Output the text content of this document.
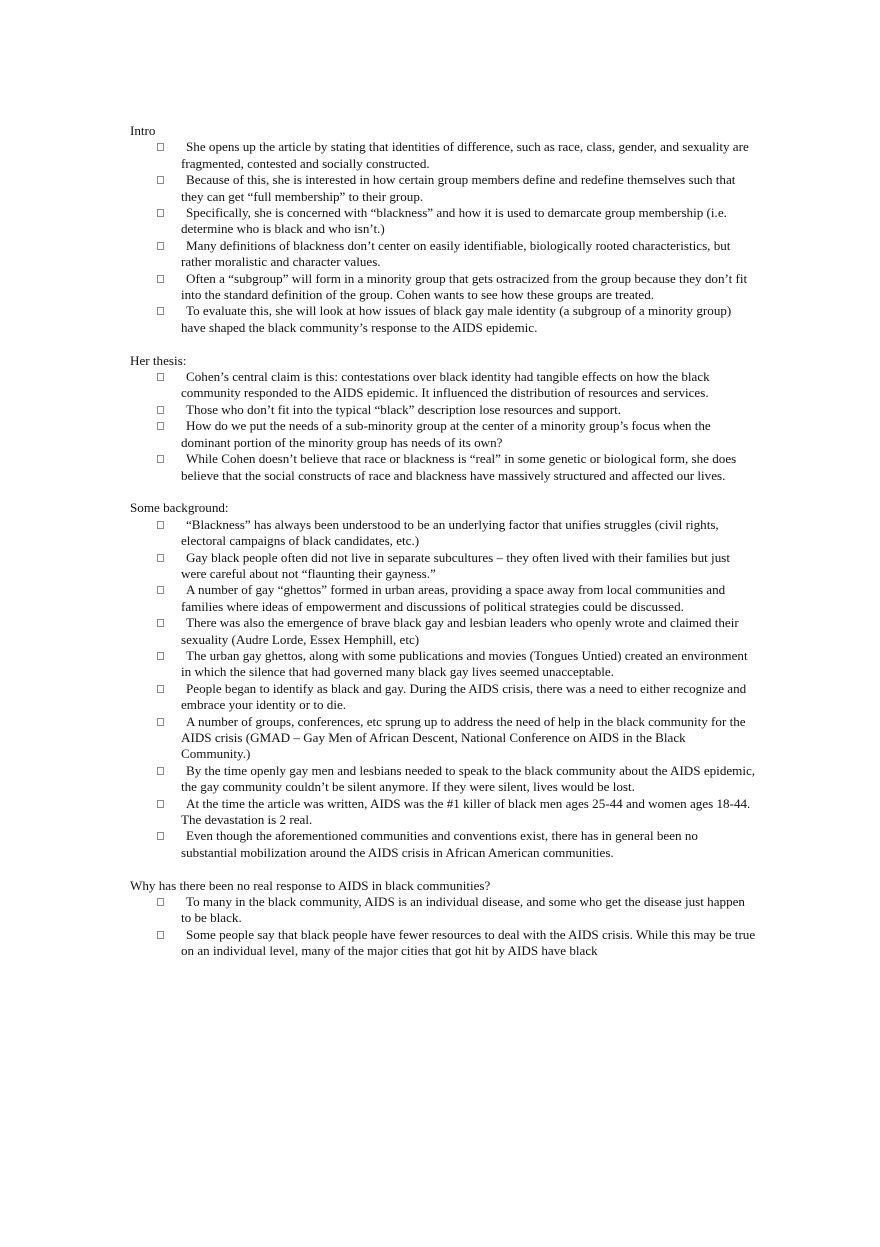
Intro
She opens up the article by stating that identities of difference, such as race, class, gender, and sexuality are fragmented, contested and socially constructed.
Because of this, she is interested in how certain group members define and redefine themselves such that they can get “full membership” to their group.
Specifically, she is concerned with “blackness” and how it is used to demarcate group membership (i.e. determine who is black and who isn’t.)
Many definitions of blackness don’t center on easily identifiable, biologically rooted characteristics, but rather moralistic and character values.
Often a “subgroup” will form in a minority group that gets ostracized from the group because they don’t fit into the standard definition of the group. Cohen wants to see how these groups are treated.
To evaluate this, she will look at how issues of black gay male identity (a subgroup of a minority group) have shaped the black community’s response to the AIDS epidemic.
Her thesis:
Cohen’s central claim is this: contestations over black identity had tangible effects on how the black community responded to the AIDS epidemic. It influenced the distribution of resources and services.
Those who don’t fit into the typical “black” description lose resources and support.
How do we put the needs of a sub-minority group at the center of a minority group’s focus when the dominant portion of the minority group has needs of its own?
While Cohen doesn’t believe that race or blackness is “real” in some genetic or biological form, she does believe that the social constructs of race and blackness have massively structured and affected our lives.
Some background:
“Blackness” has always been understood to be an underlying factor that unifies struggles (civil rights, electoral campaigns of black candidates, etc.)
Gay black people often did not live in separate subcultures – they often lived with their families but just were careful about not “flaunting their gayness.”
A number of gay “ghettos” formed in urban areas, providing a space away from local communities and families where ideas of empowerment and discussions of political strategies could be discussed.
There was also the emergence of brave black gay and lesbian leaders who openly wrote and claimed their sexuality (Audre Lorde, Essex Hemphill, etc)
The urban gay ghettos, along with some publications and movies (Tongues Untied) created an environment in which the silence that had governed many black gay lives seemed unacceptable.
People began to identify as black and gay. During the AIDS crisis, there was a need to either recognize and embrace your identity or to die.
A number of groups, conferences, etc sprung up to address the need of help in the black community for the AIDS crisis (GMAD – Gay Men of African Descent, National Conference on AIDS in the Black Community.)
By the time openly gay men and lesbians needed to speak to the black community about the AIDS epidemic, the gay community couldn’t be silent anymore. If they were silent, lives would be lost.
At the time the article was written, AIDS was the #1 killer of black men ages 25-44 and women ages 18-44. The devastation is 2 real.
Even though the aforementioned communities and conventions exist, there has in general been no substantial mobilization around the AIDS crisis in African American communities.
Why has there been no real response to AIDS in black communities?
To many in the black community, AIDS is an individual disease, and some who get the disease just happen to be black.
Some people say that black people have fewer resources to deal with the AIDS crisis. While this may be true on an individual level, many of the major cities that got hit by AIDS have black
